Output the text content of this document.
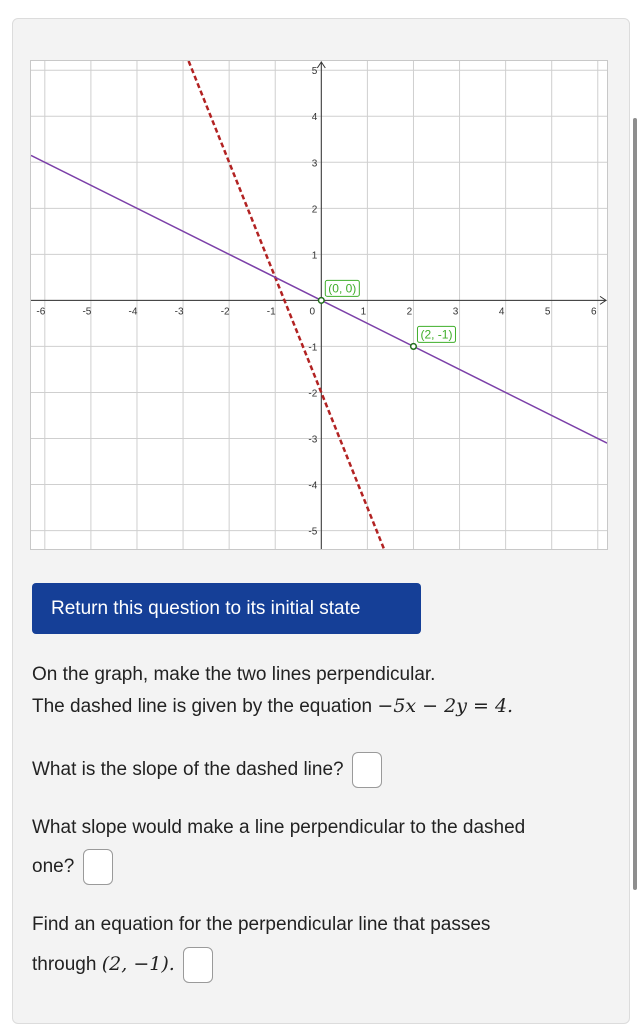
-6	-5	-4	-3	-2	-1	0	1	2	3	4	5	6
5
4
3
2
1
-1
-2
-3
-4
-5
(0, 0)
(2, -1)
Return this question to its initial state
On the graph, make the two lines perpendicular.
The dashed line is given by the equation −5x − 2y = 4.
What is the slope of the dashed line?
What slope would make a line perpendicular to the dashed
one?
Find an equation for the perpendicular line that passes
through (2, −1).
